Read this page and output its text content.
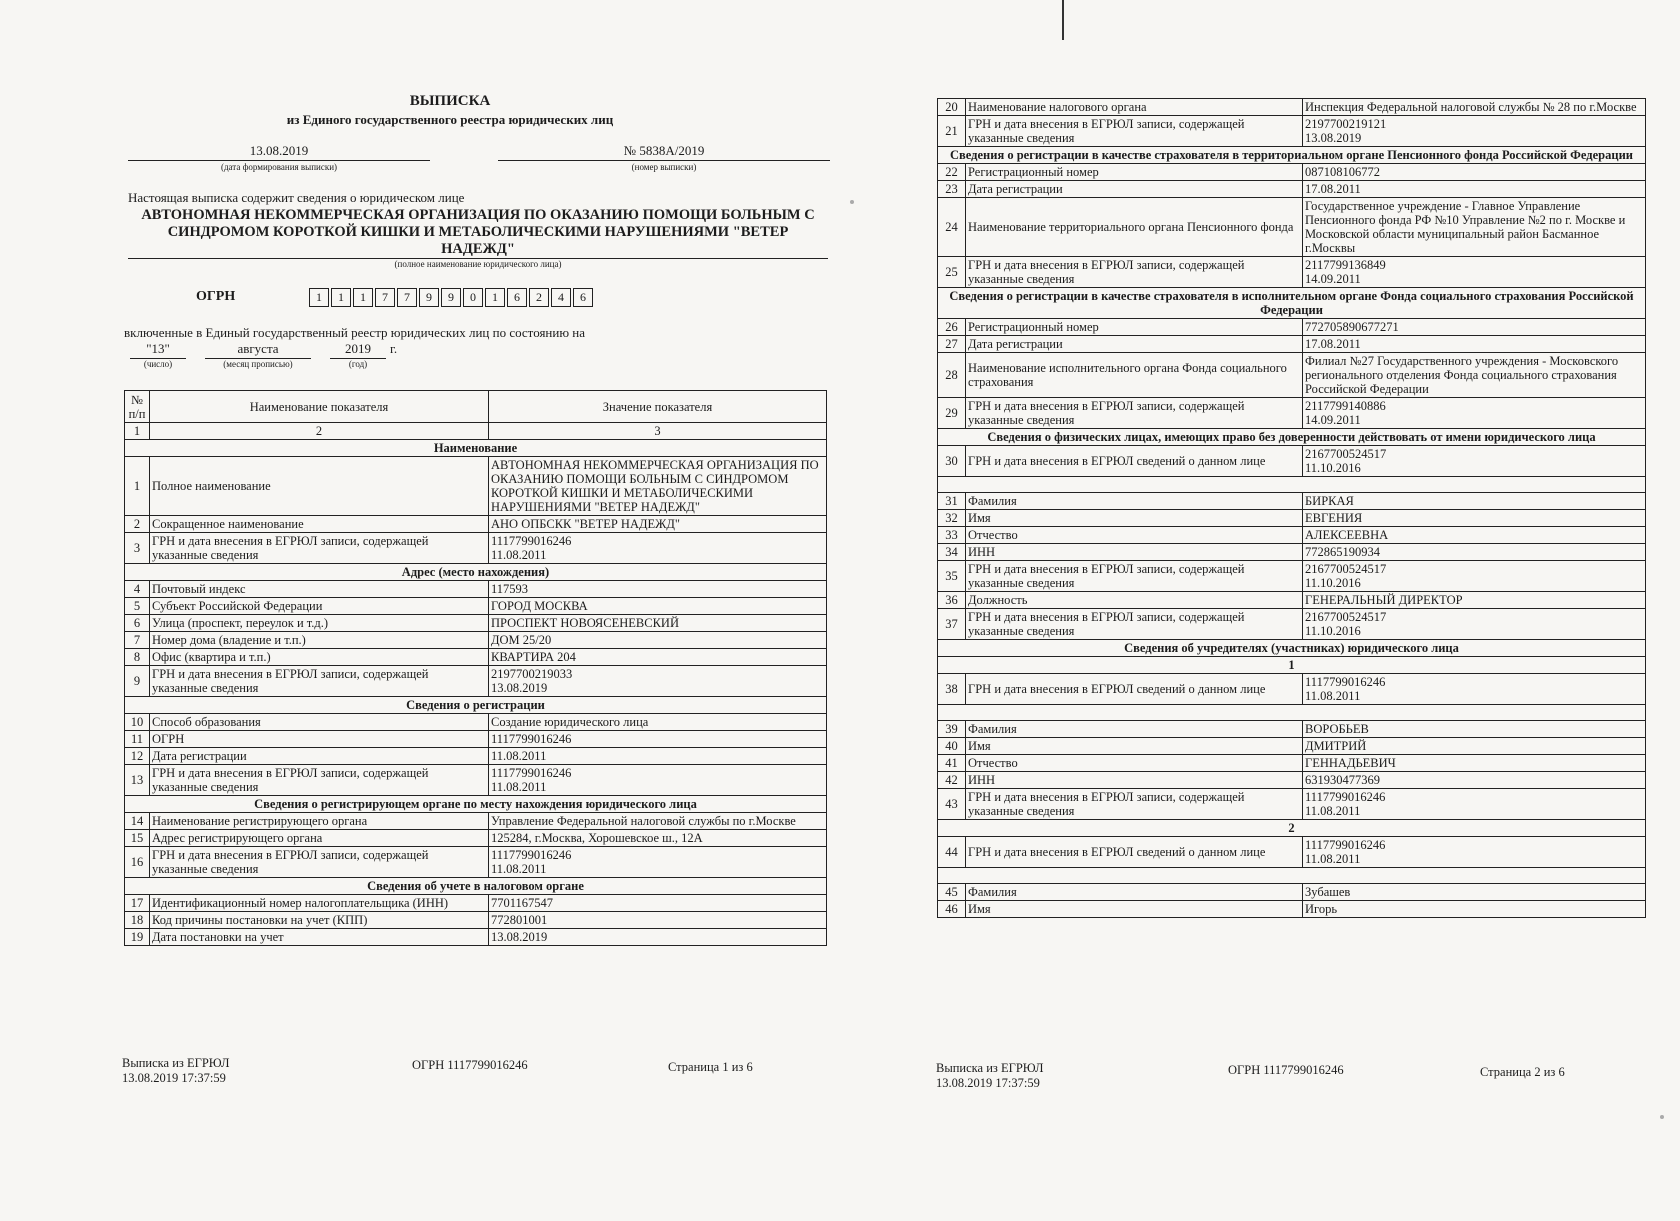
ВЫПИСКА
из Единого государственного реестра юридических лиц
13.08.2019
(дата формирования выписки)
№ 5838А/2019
(номер выписки)
Настоящая выписка содержит сведения о юридическом лице
АВТОНОМНАЯ НЕКОММЕРЧЕСКАЯ ОРГАНИЗАЦИЯ ПО ОКАЗАНИЮ ПОМОЩИ БОЛЬНЫМ С
СИНДРОМОМ КОРОТКОЙ КИШКИ И МЕТАБОЛИЧЕСКИМИ НАРУШЕНИЯМИ "ВЕТЕР
НАДЕЖД"
(полное наименование юридического лица)
ОГРН	1	1	1	7	7	9	9	0	1	6	2	4	6
включенные в Единый государственный реестр юридических лиц по состоянию на
"13"	августа	2019	г.
(число)	(месяц прописью)	(год)
№ п/п	Наименование показателя	Значение показателя
1	2	3
Наименование		
1	Полное наименование	АВТОНОМНАЯ НЕКОММЕРЧЕСКАЯ ОРГАНИЗАЦИЯ ПО ОКАЗАНИЮ ПОМОЩИ БОЛЬНЫМ С СИНДРОМОМ КОРОТКОЙ КИШКИ И МЕТАБОЛИЧЕСКИМИ НАРУШЕНИЯМИ "ВЕТЕР НАДЕЖД"
2	Сокращенное наименование	АНО ОПБСКК "ВЕТЕР НАДЕЖД"
3	ГРН и дата внесения в ЕГРЮЛ записи, содержащей указанные сведения	1117799016246
11.08.2011
Адрес (место нахождения)		
4	Почтовый индекс	117593
5	Субъект Российской Федерации	ГОРОД МОСКВА
6	Улица (проспект, переулок и т.д.)	ПРОСПЕКТ НОВОЯСЕНЕВСКИЙ
7	Номер дома (владение и т.п.)	ДОМ 25/20
8	Офис (квартира и т.п.)	КВАРТИРА 204
9	ГРН и дата внесения в ЕГРЮЛ записи, содержащей указанные сведения	2197700219033
13.08.2019
Сведения о регистрации		
10	Способ образования	Создание юридического лица
11	ОГРН	1117799016246
12	Дата регистрации	11.08.2011
13	ГРН и дата внесения в ЕГРЮЛ записи, содержащей указанные сведения	1117799016246
11.08.2011
Сведения о регистрирующем органе по месту нахождения юридического лица		
14	Наименование регистрирующего органа	Управление Федеральной налоговой службы по г.Москве
15	Адрес регистрирующего органа	125284, г.Москва, Хорошевское ш., 12А
16	ГРН и дата внесения в ЕГРЮЛ записи, содержащей указанные сведения	1117799016246
11.08.2011
Сведения об учете в налоговом органе		
17	Идентификационный номер налогоплательщика (ИНН)	7701167547
18	Код причины постановки на учет (КПП)	772801001
19	Дата постановки на учет	13.08.2019
Выписка из ЕГРЮЛ
13.08.2019 17:37:59
ОГРН 1117799016246	Страница 1 из 6
20	Наименование налогового органа	Инспекция Федеральной налоговой службы № 28 по г.Москве
21	ГРН и дата внесения в ЕГРЮЛ записи, содержащей указанные сведения	2197700219121
13.08.2019
Сведения о регистрации в качестве страхователя в территориальном органе Пенсионного фонда Российской Федерации		
22	Регистрационный номер	087108106772
23	Дата регистрации	17.08.2011
24	Наименование территориального органа Пенсионного фонда	Государственное учреждение - Главное Управление Пенсионного фонда РФ №10 Управление №2 по г. Москве и Московской области муниципальный район Басманное г.Москвы
25	ГРН и дата внесения в ЕГРЮЛ записи, содержащей указанные сведения	2117799136849
14.09.2011
Сведения о регистрации в качестве страхователя в исполнительном органе Фонда социального страхования Российской Федерации		
26	Регистрационный номер	772705890677271
27	Дата регистрации	17.08.2011
28	Наименование исполнительного органа Фонда социального страхования	Филиал №27 Государственного учреждения - Московского регионального отделения Фонда социального страхования Российской Федерации
29	ГРН и дата внесения в ЕГРЮЛ записи, содержащей указанные сведения	2117799140886
14.09.2011
Сведения о физических лицах, имеющих право без доверенности действовать от имени юридического лица		
30	ГРН и дата внесения в ЕГРЮЛ сведений о данном лице	2167700524517
11.10.2016

31	Фамилия	БИРКАЯ
32	Имя	ЕВГЕНИЯ
33	Отчество	АЛЕКСЕЕВНА
34	ИНН	772865190934
35	ГРН и дата внесения в ЕГРЮЛ записи, содержащей указанные сведения	2167700524517
11.10.2016
36	Должность	ГЕНЕРАЛЬНЫЙ ДИРЕКТОР
37	ГРН и дата внесения в ЕГРЮЛ записи, содержащей указанные сведения	2167700524517
11.10.2016
Сведения об учредителях (участниках) юридического лица		
1		
38	ГРН и дата внесения в ЕГРЮЛ сведений о данном лице	1117799016246
11.08.2011

39	Фамилия	ВОРОБЬЕВ
40	Имя	ДМИТРИЙ
41	Отчество	ГЕННАДЬЕВИЧ
42	ИНН	631930477369
43	ГРН и дата внесения в ЕГРЮЛ записи, содержащей указанные сведения	1117799016246
11.08.2011
2		
44	ГРН и дата внесения в ЕГРЮЛ сведений о данном лице	1117799016246
11.08.2011

45	Фамилия	Зубашев
46	Имя	Игорь
Выписка из ЕГРЮЛ
13.08.2019 17:37:59
ОГРН 1117799016246	Страница 2 из 6
